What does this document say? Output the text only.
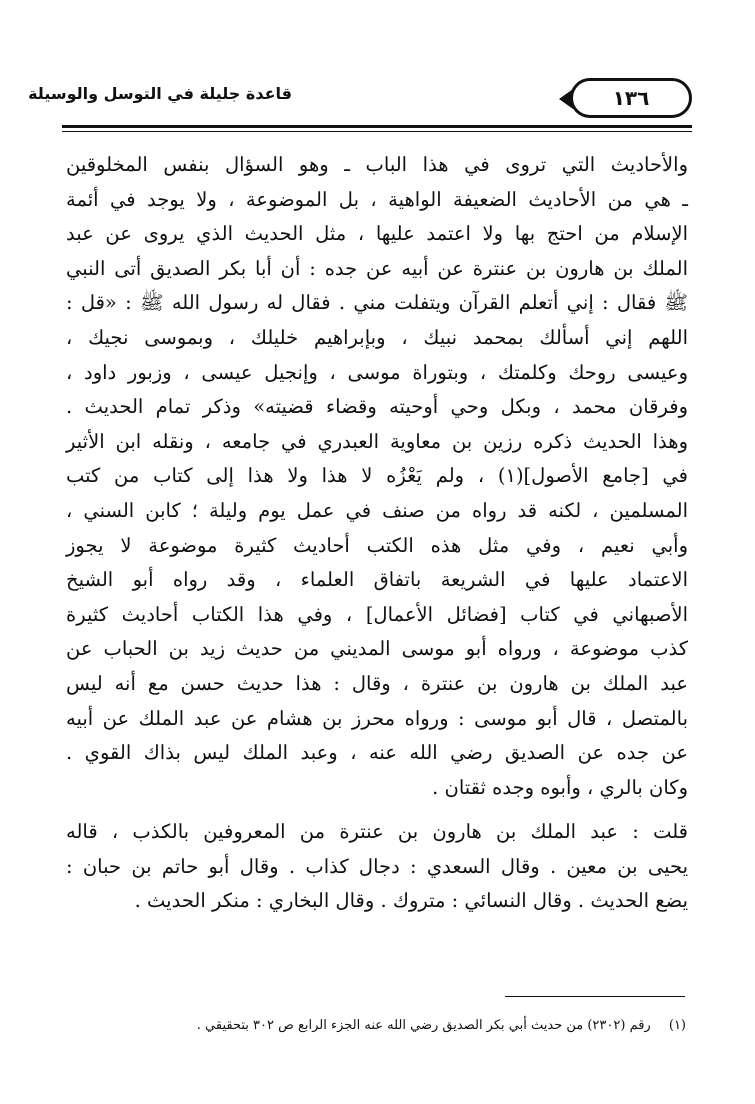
قاعدة جليلة في التوسل والوسيلة	١٣٦
والأحاديث التي تروى في هذا الباب ـ وهو السؤال بنفس المخلوقين
ـ هي من الأحاديث الضعيفة الواهية ، بل الموضوعة ، ولا يوجد في أئمة
الإسلام من احتج بها ولا اعتمد عليها ، مثل الحديث الذي يروى عن عبد
الملك بن هارون بن عنترة عن أبيه عن جده : أن أبا بكر الصديق أتى النبي
ﷺ فقال : إني أتعلم القرآن ويتفلت مني . فقال له رسول الله ﷺ : «قل :
اللهم إني أسألك بمحمد نبيك ، وبإبراهيم خليلك ، وبموسى نجيك ،
وعيسى روحك وكلمتك ، وبتوراة موسى ، وإنجيل عيسى ، وزبور داود ،
وفرقان محمد ، وبكل وحي أوحيته وقضاء قضيته» وذكر تمام الحديث .
وهذا الحديث ذكره رزين بن معاوية العبدري في جامعه ، ونقله ابن الأثير
في [جامع الأصول](١) ، ولم يَعْزُه لا هذا ولا هذا إلى كتاب من كتب
المسلمين ، لكنه قد رواه من صنف في عمل يوم وليلة ؛ كابن السني ،
وأبي نعيم ، وفي مثل هذه الكتب أحاديث كثيرة موضوعة لا يجوز
الاعتماد عليها في الشريعة باتفاق العلماء ، وقد رواه أبو الشيخ
الأصبهاني في كتاب [فضائل الأعمال] ، وفي هذا الكتاب أحاديث كثيرة
كذب موضوعة ، ورواه أبو موسى المديني من حديث زيد بن الحباب عن
عبد الملك بن هارون بن عنترة ، وقال : هذا حديث حسن مع أنه ليس
بالمتصل ، قال أبو موسى : ورواه محرز بن هشام عن عبد الملك عن أبيه
عن جده عن الصديق رضي الله عنه ، وعبد الملك ليس بذاك القوي .
وكان بالري ، وأبوه وجده ثقتان .
قلت : عبد الملك بن هارون بن عنترة من المعروفين بالكذب ، قاله
يحيى بن معين . وقال السعدي : دجال كذاب . وقال أبو حاتم بن حبان :
يضع الحديث . وقال النسائي : متروك . وقال البخاري : منكر الحديث .
(١) رقم (٢٣٠٢) من حديث أبي بكر الصديق رضي الله عنه الجزء الرابع ص ٣٠٢ بتحقيقي .
